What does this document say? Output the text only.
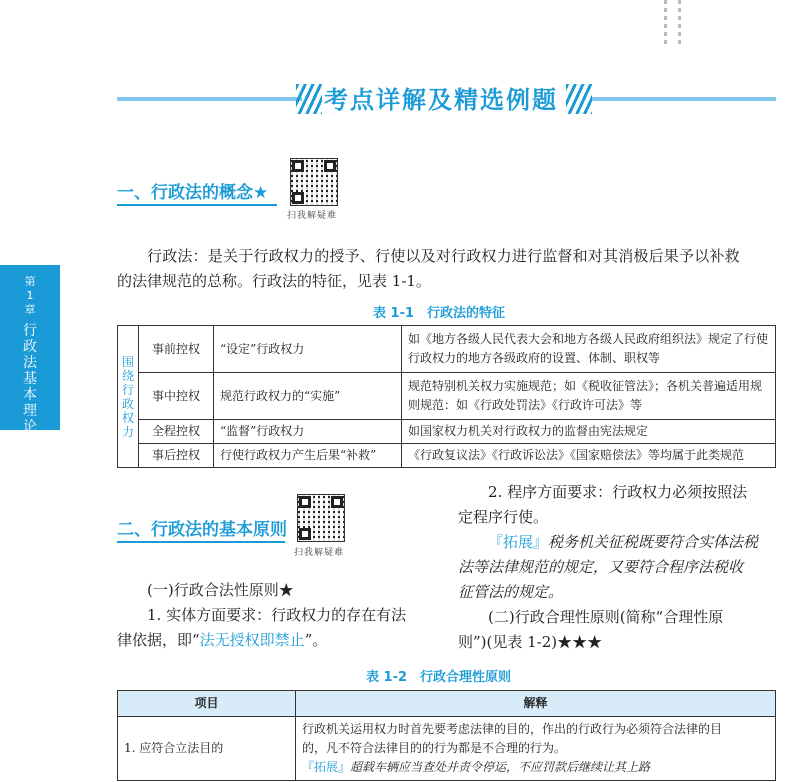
考点详解及精选例题
第1章
行政法基本理论
一、行政法的概念★
扫我解疑难
行政法：是关于行政权力的授予、行使以及对行政权力进行监督和对其消极后果予以补救
的法律规范的总称。行政法的特征，见表 1-1。
表 1-1　行政法的特征
围绕行政权力	事前控权	“设定”行政权力	如《地方各级人民代表大会和地方各级人民政府组织法》规定了行使行政权力的地方各级政府的设置、体制、职权等
	事中控权	规范行政权力的“实施”	规范特别机关权力实施规范；如《税收征管法》；各机关普遍适用规则规范：如《行政处罚法》《行政许可法》等
	全程控权	“监督”行政权力	如国家权力机关对行政权力的监督由宪法规定
	事后控权	行使行政权力产生后果“补救”	《行政复议法》《行政诉讼法》《国家赔偿法》等均属于此类规范
二、行政法的基本原则
扫我解疑难
(一)行政合法性原则★
1. 实体方面要求：行政权力的存在有法
律依据，即“法无授权即禁止”。
2. 程序方面要求：行政权力必须按照法
定程序行使。
『拓展』税务机关征税既要符合实体法税
法等法律规范的规定，又要符合程序法税收
征管法的规定。
(二)行政合理性原则(简称“合理性原
则”)(见表 1-2)★★★
表 1-2　行政合理性原则
项目	解释
1. 应符合立法目的	行政机关运用权力时首先要考虑法律的目的，作出的行政行为必须符合法律的目
的，凡不符合法律目的的行为都是不合理的行为。
『拓展』超载车辆应当查处并责令停运，不应罚款后继续让其上路
